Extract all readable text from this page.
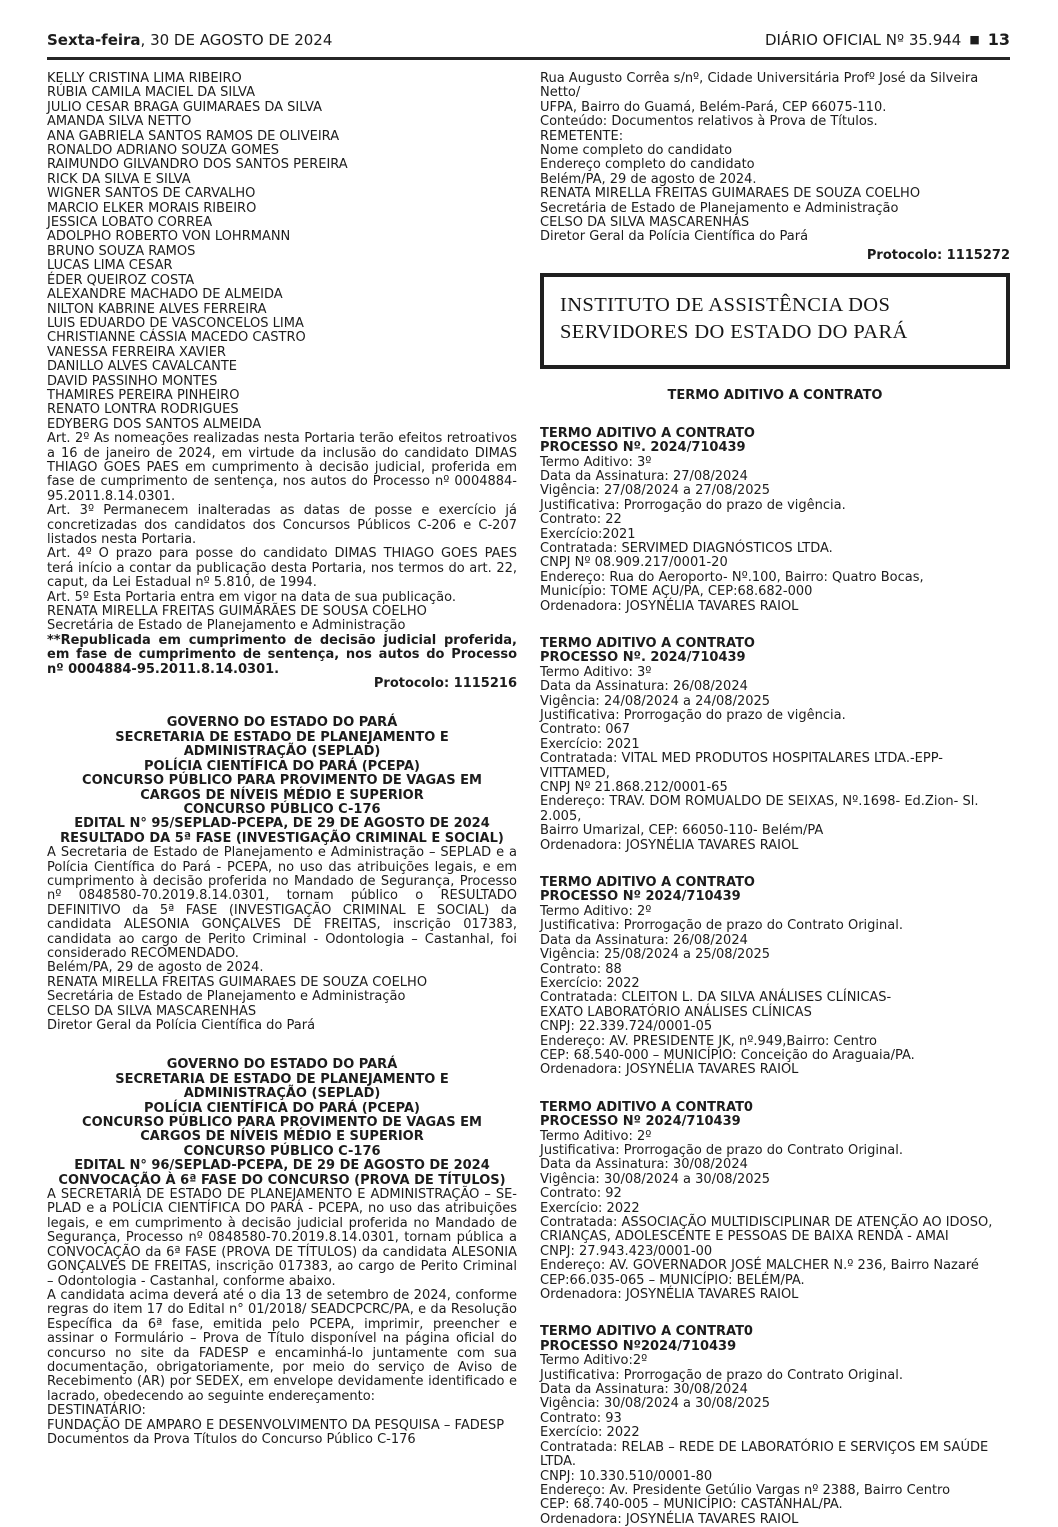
Sexta-feira, 30 DE AGOSTO DE 2024	DIÁRIO OFICIAL Nº 35.944 ■ 13
KELLY CRISTINA LIMA RIBEIRO
RÚBIA CAMILA MACIEL DA SILVA
JULIO CESAR BRAGA GUIMARAES DA SILVA
AMANDA SILVA NETTO
ANA GABRIELA SANTOS RAMOS DE OLIVEIRA
RONALDO ADRIANO SOUZA GOMES
RAIMUNDO GILVANDRO DOS SANTOS PEREIRA
RICK DA SILVA E SILVA
WIGNER SANTOS DE CARVALHO
MARCIO ELKER MORAIS RIBEIRO
JESSICA LOBATO CORREA
ADOLPHO ROBERTO VON LOHRMANN
BRUNO SOUZA RAMOS
LUCAS LIMA CESAR
ÉDER QUEIROZ COSTA
ALEXANDRE MACHADO DE ALMEIDA
NILTON KABRINE ALVES FERREIRA
LUIS EDUARDO DE VASCONCELOS LIMA
CHRISTIANNE CÁSSIA MACEDO CASTRO
VANESSA FERREIRA XAVIER
DANILLO ALVES CAVALCANTE
DAVID PASSINHO MONTES
THAMIRES PEREIRA PINHEIRO
RENATO LONTRA RODRIGUES
EDYBERG DOS SANTOS ALMEIDA
Art. 2º As nomeações realizadas nesta Portaria terão efeitos retroativos a 16 de janeiro de 2024, em virtude da inclusão do candidato DIMAS THIAGO GOES PAES em cumprimento à decisão judicial, proferida em fase de cumprimento de sentença, nos autos do Processo nº 0004884-95.2011.8.14.0301.
Art. 3º Permanecem inalteradas as datas de posse e exercício já concretizadas dos candidatos dos Concursos Públicos C-206 e C-207 listados nesta Portaria.
Art. 4º O prazo para posse do candidato DIMAS THIAGO GOES PAES terá início a contar da publicação desta Portaria, nos termos do art. 22, caput, da Lei Estadual nº 5.810, de 1994.
Art. 5º Esta Portaria entra em vigor na data de sua publicação.
RENATA MIRELLA FREITAS GUIMARÃES DE SOUSA COELHO
Secretária de Estado de Planejamento e Administração
**Republicada em cumprimento de decisão judicial proferida, em fase de cumprimento de sentença, nos autos do Processo nº 0004884-95.2011.8.14.0301.
Protocolo: 1115216
GOVERNO DO ESTADO DO PARÁ
SECRETARIA DE ESTADO DE PLANEJAMENTO E
ADMINISTRAÇÃO (SEPLAD)
POLÍCIA CIENTÍFICA DO PARÁ (PCEPA)
CONCURSO PÚBLICO PARA PROVIMENTO DE VAGAS EM
CARGOS DE NÍVEIS MÉDIO E SUPERIOR
CONCURSO PÚBLICO C-176
EDITAL N° 95/SEPLAD-PCEPA, DE 29 DE AGOSTO DE 2024
RESULTADO DA 5ª FASE (INVESTIGAÇÃO CRIMINAL E SOCIAL)
A Secretaria de Estado de Planejamento e Administração – SEPLAD e a Polícia Científica do Pará - PCEPA, no uso das atribuições legais, e em cumprimento à decisão proferida no Mandado de Segurança, Processo nº 0848580-70.2019.8.14.0301, tornam público o RESULTADO DEFINITIVO da 5ª FASE (INVESTIGAÇÃO CRIMINAL E SOCIAL) da candidata ALESONIA GONÇALVES DE FREITAS, inscrição 017383, candidata ao cargo de Perito Criminal - Odontologia – Castanhal, foi considerado RECOMENDADO.
Belém/PA, 29 de agosto de 2024.
RENATA MIRELLA FREITAS GUIMARAES DE SOUZA COELHO
Secretária de Estado de Planejamento e Administração
CELSO DA SILVA MASCARENHAS
Diretor Geral da Polícia Científica do Pará
GOVERNO DO ESTADO DO PARÁ
SECRETARIA DE ESTADO DE PLANEJAMENTO E
ADMINISTRAÇÃO (SEPLAD)
POLÍCIA CIENTÍFICA DO PARÁ (PCEPA)
CONCURSO PÚBLICO PARA PROVIMENTO DE VAGAS EM
CARGOS DE NÍVEIS MÉDIO E SUPERIOR
CONCURSO PÚBLICO C-176
EDITAL N° 96/SEPLAD-PCEPA, DE 29 DE AGOSTO DE 2024
CONVOCAÇÃO À 6ª FASE DO CONCURSO (PROVA DE TÍTULOS)
A SECRETARIA DE ESTADO DE PLANEJAMENTO E ADMINISTRAÇÃO – SE-PLAD e a POLÍCIA CIENTÍFICA DO PARÁ - PCEPA, no uso das atribuições legais, e em cumprimento à decisão judicial proferida no Mandado de Segurança, Processo nº 0848580-70.2019.8.14.0301, tornam pública a CONVOCAÇÃO da 6ª FASE (PROVA DE TÍTULOS) da candidata ALESONIA GONÇALVES DE FREITAS, inscrição 017383, ao cargo de Perito Criminal – Odontologia - Castanhal, conforme abaixo.
A candidata acima deverá até o dia 13 de setembro de 2024, conforme regras do item 17 do Edital n° 01/2018/ SEADCPCRC/PA, e da Resolução Específica da 6ª fase, emitida pelo PCEPA, imprimir, preencher e assinar o Formulário – Prova de Título disponível na página oficial do concurso no site da FADESP e encaminhá-lo juntamente com sua documentação, obrigatoriamente, por meio do serviço de Aviso de Recebimento (AR) por SEDEX, em envelope devidamente identificado e lacrado, obedecendo ao seguinte endereçamento:
DESTINATÁRIO:
FUNDAÇÃO DE AMPARO E DESENVOLVIMENTO DA PESQUISA – FADESP
Documentos da Prova Títulos do Concurso Público C-176
Rua Augusto Corrêa s/nº, Cidade Universitária Profº José da Silveira Netto/
UFPA, Bairro do Guamá, Belém-Pará, CEP 66075-110.
Conteúdo: Documentos relativos à Prova de Títulos.
REMETENTE:
Nome completo do candidato
Endereço completo do candidato
Belém/PA, 29 de agosto de 2024.
RENATA MIRELLA FREITAS GUIMARAES DE SOUZA COELHO
Secretária de Estado de Planejamento e Administração
CELSO DA SILVA MASCARENHAS
Diretor Geral da Polícia Científica do Pará
Protocolo: 1115272
INSTITUTO DE ASSISTÊNCIA DOS
SERVIDORES DO ESTADO DO PARÁ
TERMO ADITIVO A CONTRATO
TERMO ADITIVO A CONTRATO
PROCESSO Nº. 2024/710439
Termo Aditivo: 3º
Data da Assinatura: 27/08/2024
Vigência: 27/08/2024 a 27/08/2025
Justificativa: Prorrogação do prazo de vigência.
Contrato: 22
Exercício:2021
Contratada: SERVIMED DIAGNÓSTICOS LTDA.
CNPJ Nº 08.909.217/0001-20
Endereço: Rua do Aeroporto- Nº.100, Bairro: Quatro Bocas,
Município: TOME AÇU/PA, CEP:68.682-000
Ordenadora: JOSYNÉLIA TAVARES RAIOL
TERMO ADITIVO A CONTRATO
PROCESSO Nº. 2024/710439
Termo Aditivo: 3º
Data da Assinatura: 26/08/2024
Vigência: 24/08/2024 a 24/08/2025
Justificativa: Prorrogação do prazo de vigência.
Contrato: 067
Exercício: 2021
Contratada: VITAL MED PRODUTOS HOSPITALARES LTDA.-EPP- VITTAMED,
CNPJ Nº 21.868.212/0001-65
Endereço: TRAV. DOM ROMUALDO DE SEIXAS, Nº.1698- Ed.Zion- Sl. 2.005,
Bairro Umarizal, CEP: 66050-110- Belém/PA
Ordenadora: JOSYNÉLIA TAVARES RAIOL
TERMO ADITIVO A CONTRATO
PROCESSO Nº 2024/710439
Termo Aditivo: 2º
Justificativa: Prorrogação de prazo do Contrato Original.
Data da Assinatura: 26/08/2024
Vigência: 25/08/2024 a 25/08/2025
Contrato: 88
Exercício: 2022
Contratada: CLEITON L. DA SILVA ANÁLISES CLÍNICAS-
EXATO LABORATÓRIO ANÁLISES CLÍNICAS
CNPJ: 22.339.724/0001-05
Endereço: AV. PRESIDENTE JK, nº.949,Bairro: Centro
CEP: 68.540-000 – MUNICÍPIO: Conceição do Araguaia/PA.
Ordenadora: JOSYNÉLIA TAVARES RAIOL
TERMO ADITIVO A CONTRAT0
PROCESSO Nº 2024/710439
Termo Aditivo: 2º
Justificativa: Prorrogação de prazo do Contrato Original.
Data da Assinatura: 30/08/2024
Vigência: 30/08/2024 a 30/08/2025
Contrato: 92
Exercício: 2022
Contratada: ASSOCIAÇÃO MULTIDISCIPLINAR DE ATENÇÃO AO IDOSO,
CRIANÇAS, ADOLESCENTE E PESSOAS DE BAIXA RENDA - AMAI
CNPJ: 27.943.423/0001-00
Endereço: AV. GOVERNADOR JOSÉ MALCHER N.º 236, Bairro Nazaré
CEP:66.035-065 – MUNICÍPIO: BELÉM/PA.
Ordenadora: JOSYNÉLIA TAVARES RAIOL
TERMO ADITIVO A CONTRAT0
PROCESSO Nº2024/710439
Termo Aditivo:2º
Justificativa: Prorrogação de prazo do Contrato Original.
Data da Assinatura: 30/08/2024
Vigência: 30/08/2024 a 30/08/2025
Contrato: 93
Exercício: 2022
Contratada: RELAB – REDE DE LABORATÓRIO E SERVIÇOS EM SAÚDE LTDA.
CNPJ: 10.330.510/0001-80
Endereço: Av. Presidente Getúlio Vargas nº 2388, Bairro Centro
CEP: 68.740-005 – MUNICÍPIO: CASTANHAL/PA.
Ordenadora: JOSYNÉLIA TAVARES RAIOL
